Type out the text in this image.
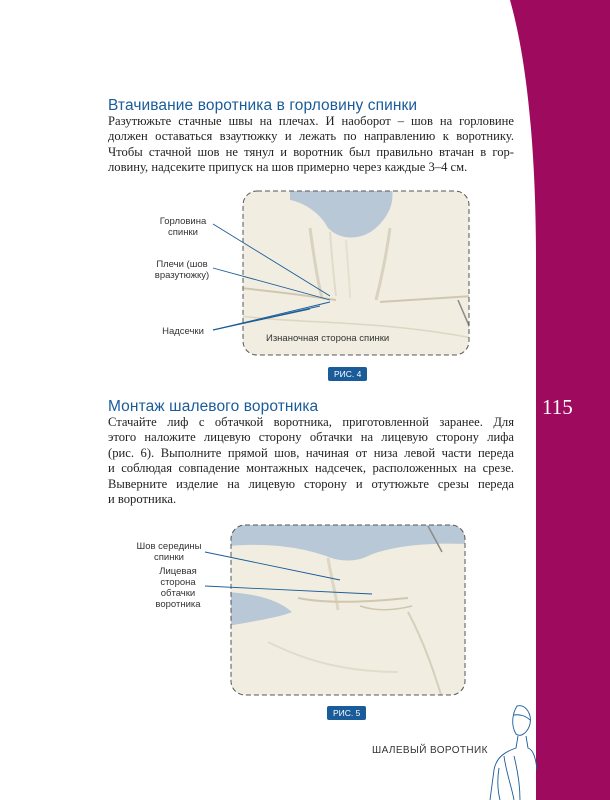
Втачивание воротника в горловину спинки
Разутюжьте стачные швы на плечах. И наоборот – шов на горловине
должен оставаться взаутюжку и лежать по направлению к воротнику.
Чтобы стачной шов не тянул и воротник был правильно втачан в гор-
ловину, надсеките припуск на шов примерно через каждые 3–4 см.
Горловина спинки
Плечи (шов вразутюжку)
Надсечки
Изнаночная сторона спинки
РИС. 4
Монтаж шалевого воротника
Стачайте лиф с обтачкой воротника, приготовленной заранее. Для
этого наложите лицевую сторону обтачки на лицевую сторону лифа
(рис. 6). Выполните прямой шов, начиная от низа левой части переда
и соблюдая совпадение монтажных надсечек, расположенных на срезе.
Выверните изделие на лицевую сторону и отутюжьте срезы переда
и воротника.
Шов середины спинки
Лицевая сторона обтачки воротника
РИС. 5
115
ШАЛЕВЫЙ ВОРОТНИК
